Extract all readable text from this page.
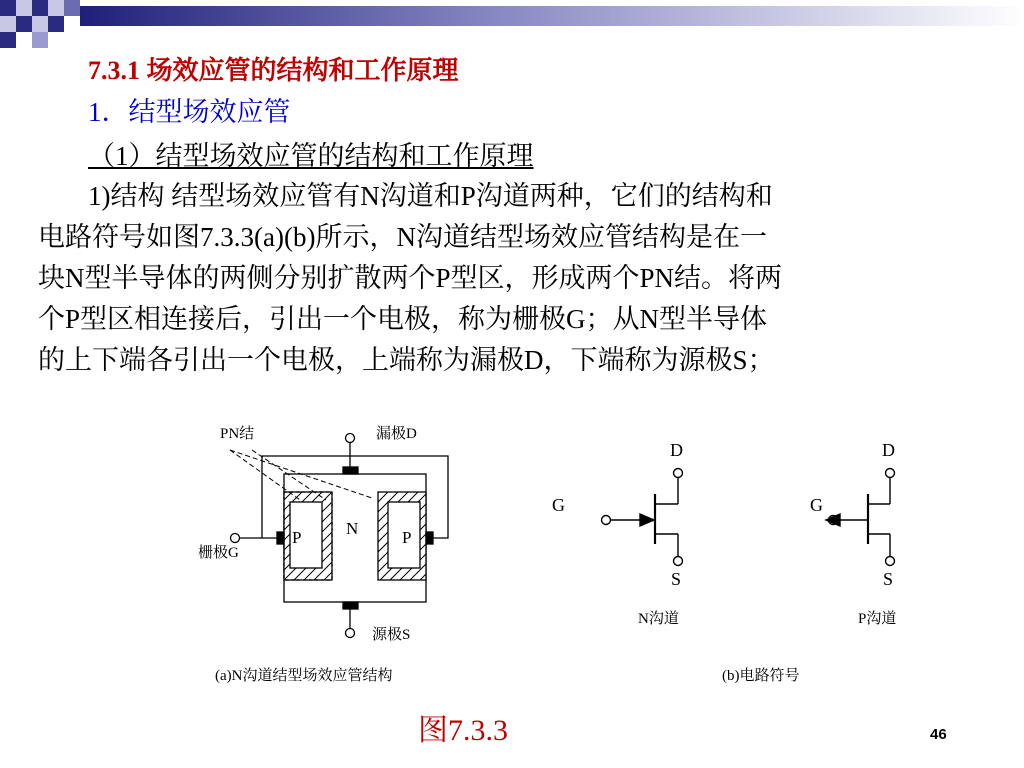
7.3.1 场效应管的结构和工作原理
1．结型场效应管
（1）结型场效应管的结构和工作原理
1)结构 结型场效应管有N沟道和P沟道两种，它们的结构和
电路符号如图7.3.3(a)(b)所示，N沟道结型场效应管结构是在一
块N型半导体的两侧分别扩散两个P型区，形成两个PN结。将两
个P型区相连接后，引出一个电极，称为栅极G；从N型半导体
的上下端各引出一个电极，上端称为漏极D，下端称为源极S；
PN结	漏极D
栅极G
源极S
P	N	P
(a)N沟道结型场效应管结构
D
G
S
N沟道
D
G
S
P沟道
(b)电路符号
图7.3.3	46
